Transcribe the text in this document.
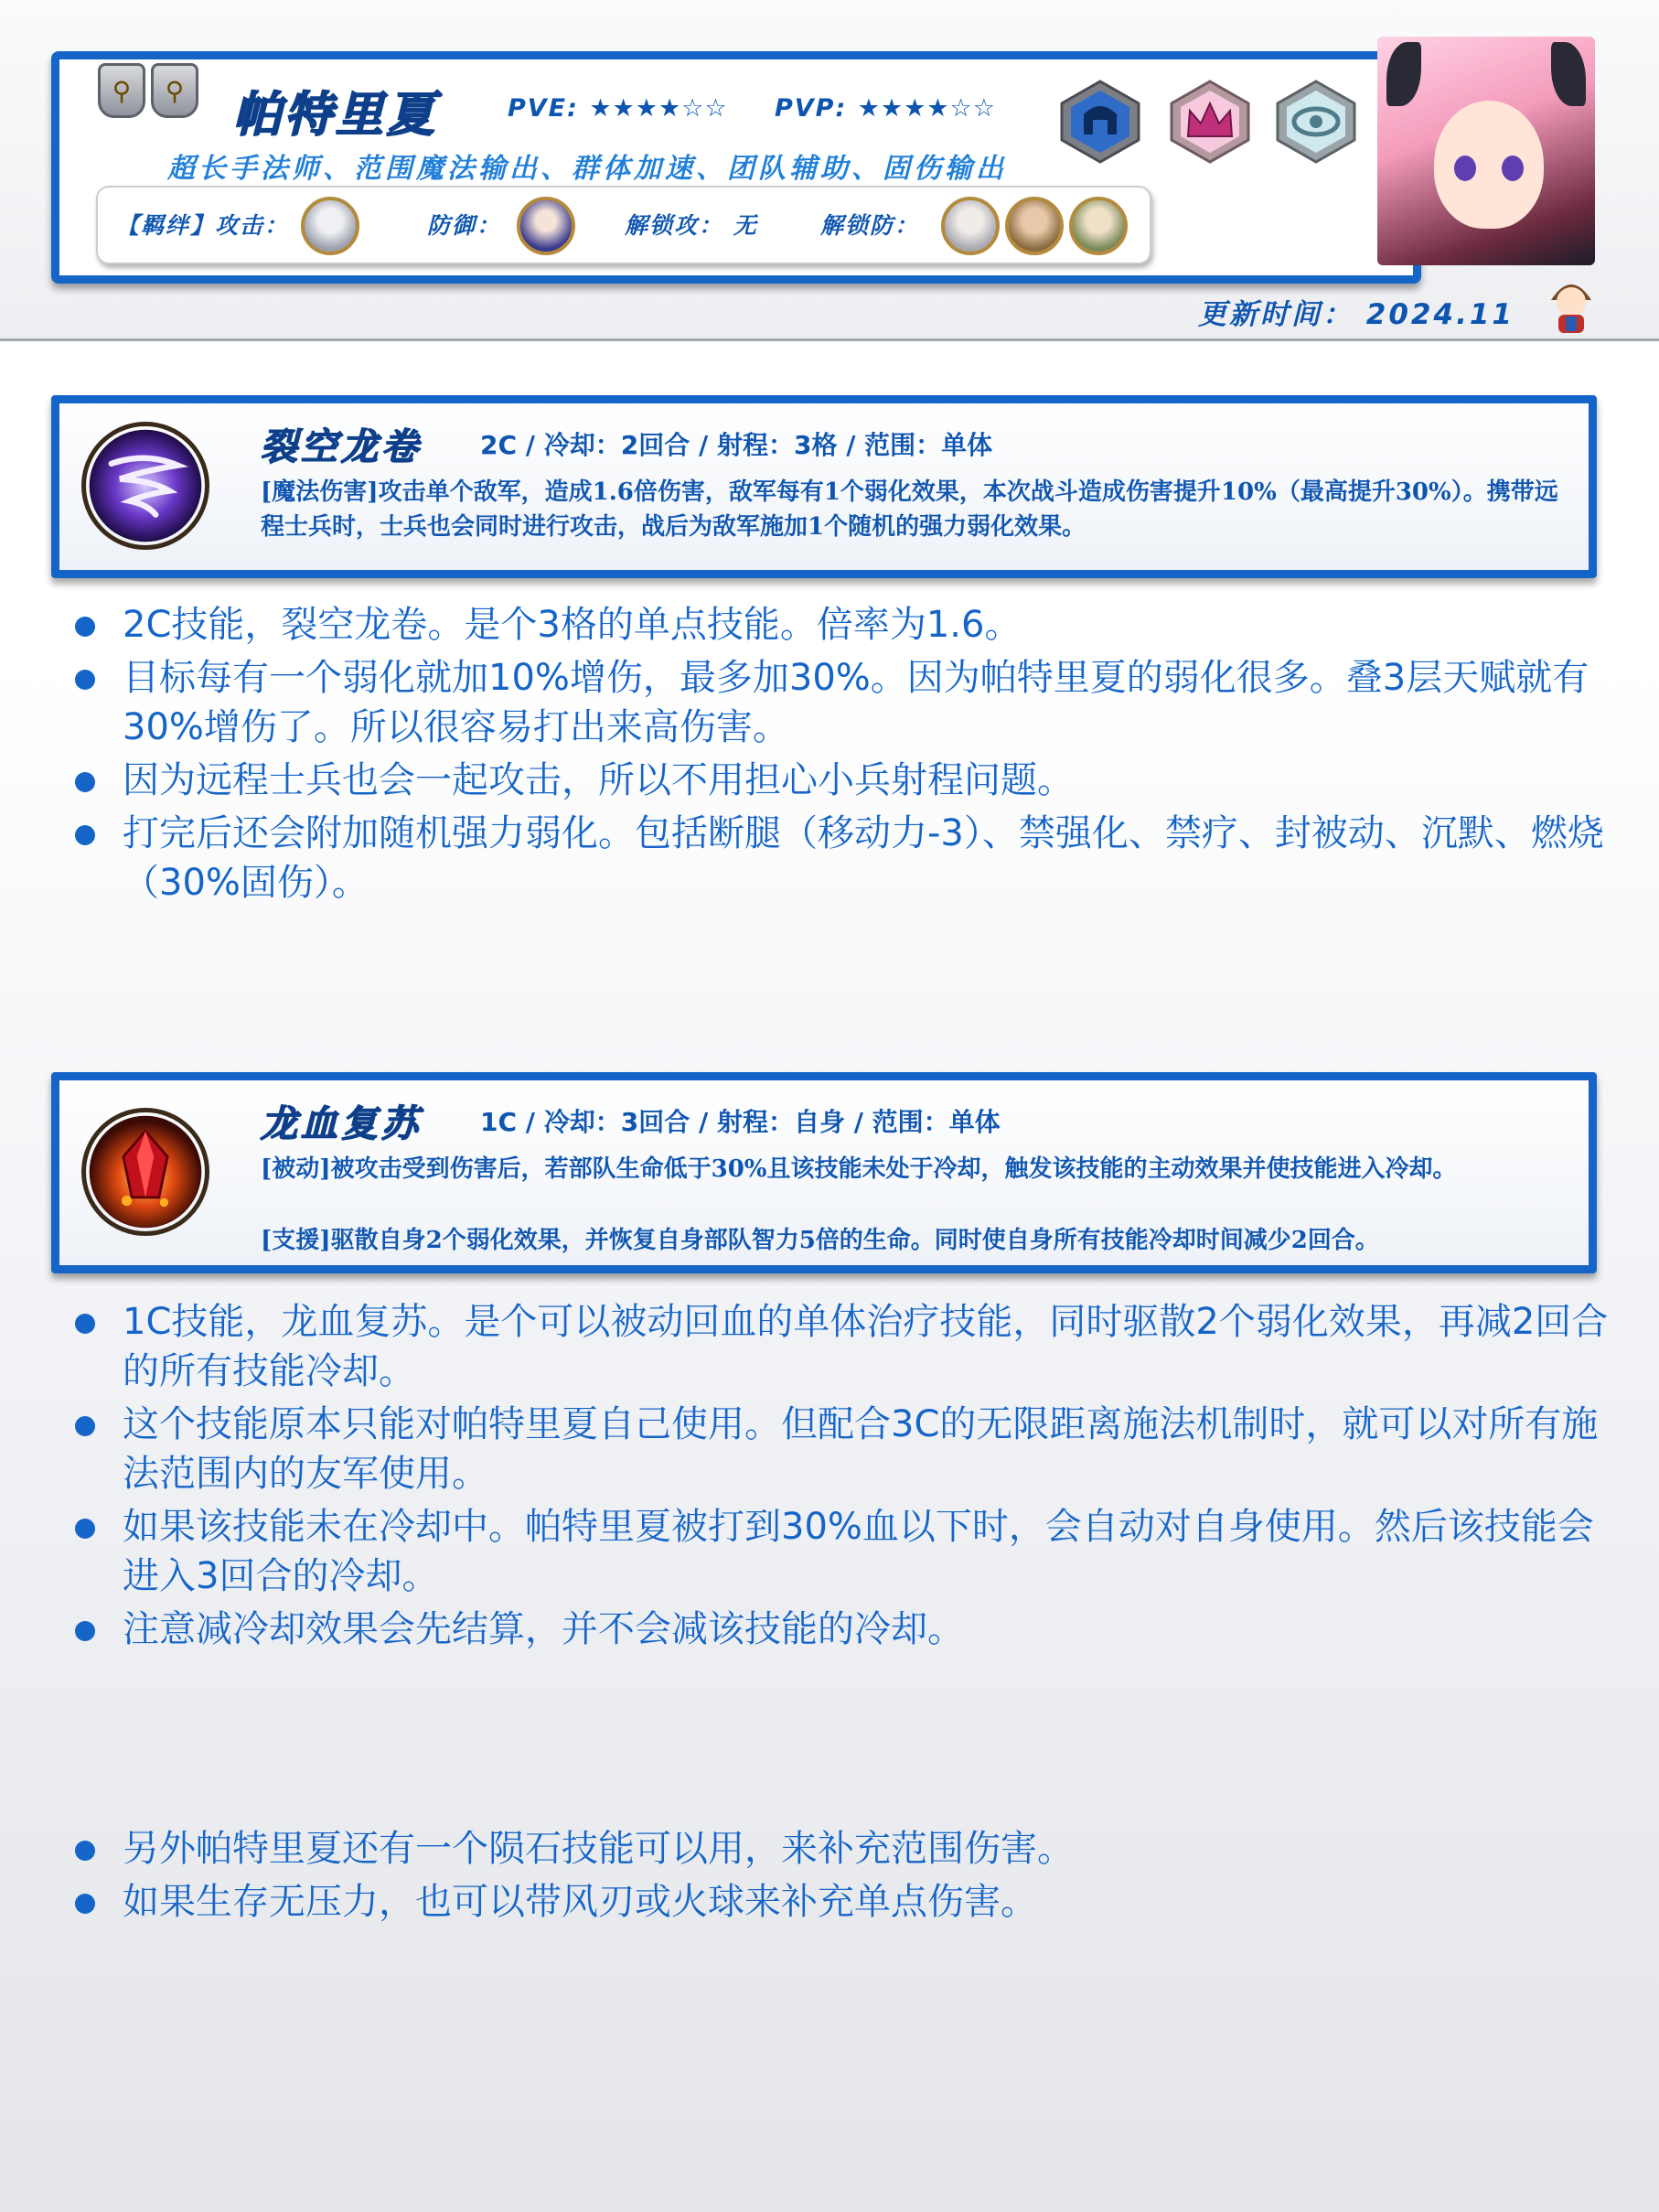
⚲	⚲	帕特里夏	PVE: ★★★★☆☆ PVP: ★★★★☆☆
超长手法师、范围魔法输出、群体加速、团队辅助、固伤输出
【羁绊】攻击：	防御：	解锁攻： 无	解锁防：
更新时间： 2024.11
裂空龙卷 2C / 冷却：2回合 / 射程：3格 / 范围：单体
[魔法伤害]攻击单个敌军，造成1.6倍伤害，敌军每有1个弱化效果，本次战斗造成伤害提升10%（最高提升30%）。携带远程士兵时，士兵也会同时进行攻击，战后为敌军施加1个随机的强力弱化效果。
2C技能，裂空龙卷。是个3格的单点技能。倍率为1.6。
目标每有一个弱化就加10%增伤，最多加30%。因为帕特里夏的弱化很多。叠3层天赋就有30%增伤了。所以很容易打出来高伤害。
因为远程士兵也会一起攻击，所以不用担心小兵射程问题。
打完后还会附加随机强力弱化。包括断腿（移动力-3）、禁强化、禁疗、封被动、沉默、燃烧（30%固伤）。
龙血复苏 1C / 冷却：3回合 / 射程：自身 / 范围：单体
[被动]被攻击受到伤害后，若部队生命低于30%且该技能未处于冷却，触发该技能的主动效果并使技能进入冷却。
[支援]驱散自身2个弱化效果，并恢复自身部队智力5倍的生命。同时使自身所有技能冷却时间减少2回合。
1C技能，龙血复苏。是个可以被动回血的单体治疗技能，同时驱散2个弱化效果，再减2回合的所有技能冷却。
这个技能原本只能对帕特里夏自己使用。但配合3C的无限距离施法机制时，就可以对所有施法范围内的友军使用。
如果该技能未在冷却中。帕特里夏被打到30%血以下时，会自动对自身使用。然后该技能会进入3回合的冷却。
注意减冷却效果会先结算，并不会减该技能的冷却。
另外帕特里夏还有一个陨石技能可以用，来补充范围伤害。
如果生存无压力，也可以带风刃或火球来补充单点伤害。
